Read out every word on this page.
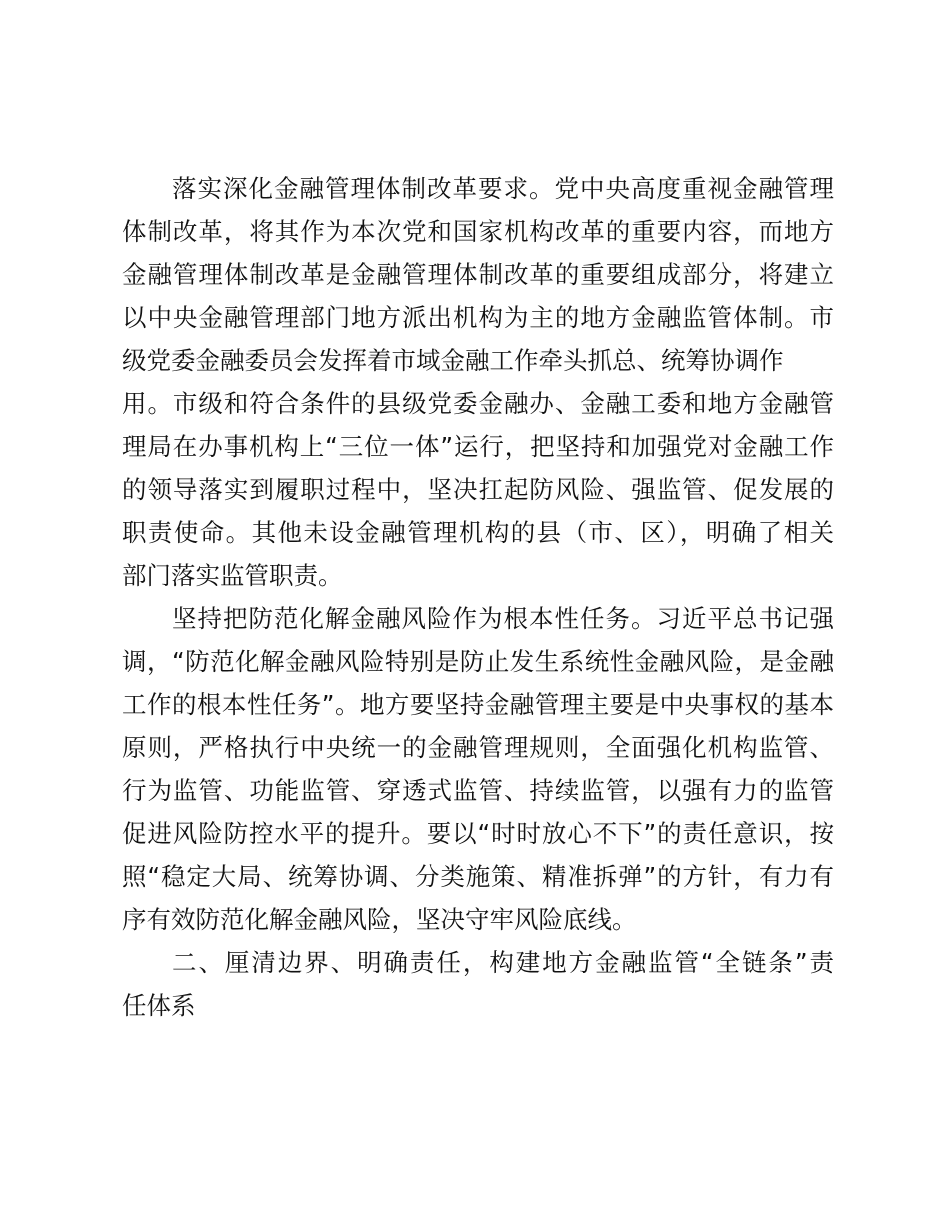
落实深化金融管理体制改革要求。党中央高度重视金融管理
体制改革，将其作为本次党和国家机构改革的重要内容，而地方
金融管理体制改革是金融管理体制改革的重要组成部分，将建立
以中央金融管理部门地方派出机构为主的地方金融监管体制。市
级党委金融委员会发挥着市域金融工作牵头抓总、统筹协调作
用。市级和符合条件的县级党委金融办、金融工委和地方金融管
理局在办事机构上“三位一体”运行，把坚持和加强党对金融工作
的领导落实到履职过程中，坚决扛起防风险、强监管、促发展的
职责使命。其他未设金融管理机构的县（市、区），明确了相关
部门落实监管职责。
坚持把防范化解金融风险作为根本性任务。习近平总书记强
调，“防范化解金融风险特别是防止发生系统性金融风险，是金融
工作的根本性任务”。地方要坚持金融管理主要是中央事权的基本
原则，严格执行中央统一的金融管理规则，全面强化机构监管、
行为监管、功能监管、穿透式监管、持续监管，以强有力的监管
促进风险防控水平的提升。要以“时时放心不下”的责任意识，按
照“稳定大局、统筹协调、分类施策、精准拆弹”的方针，有力有
序有效防范化解金融风险，坚决守牢风险底线。
二、厘清边界、明确责任，构建地方金融监管“全链条”责
任体系
